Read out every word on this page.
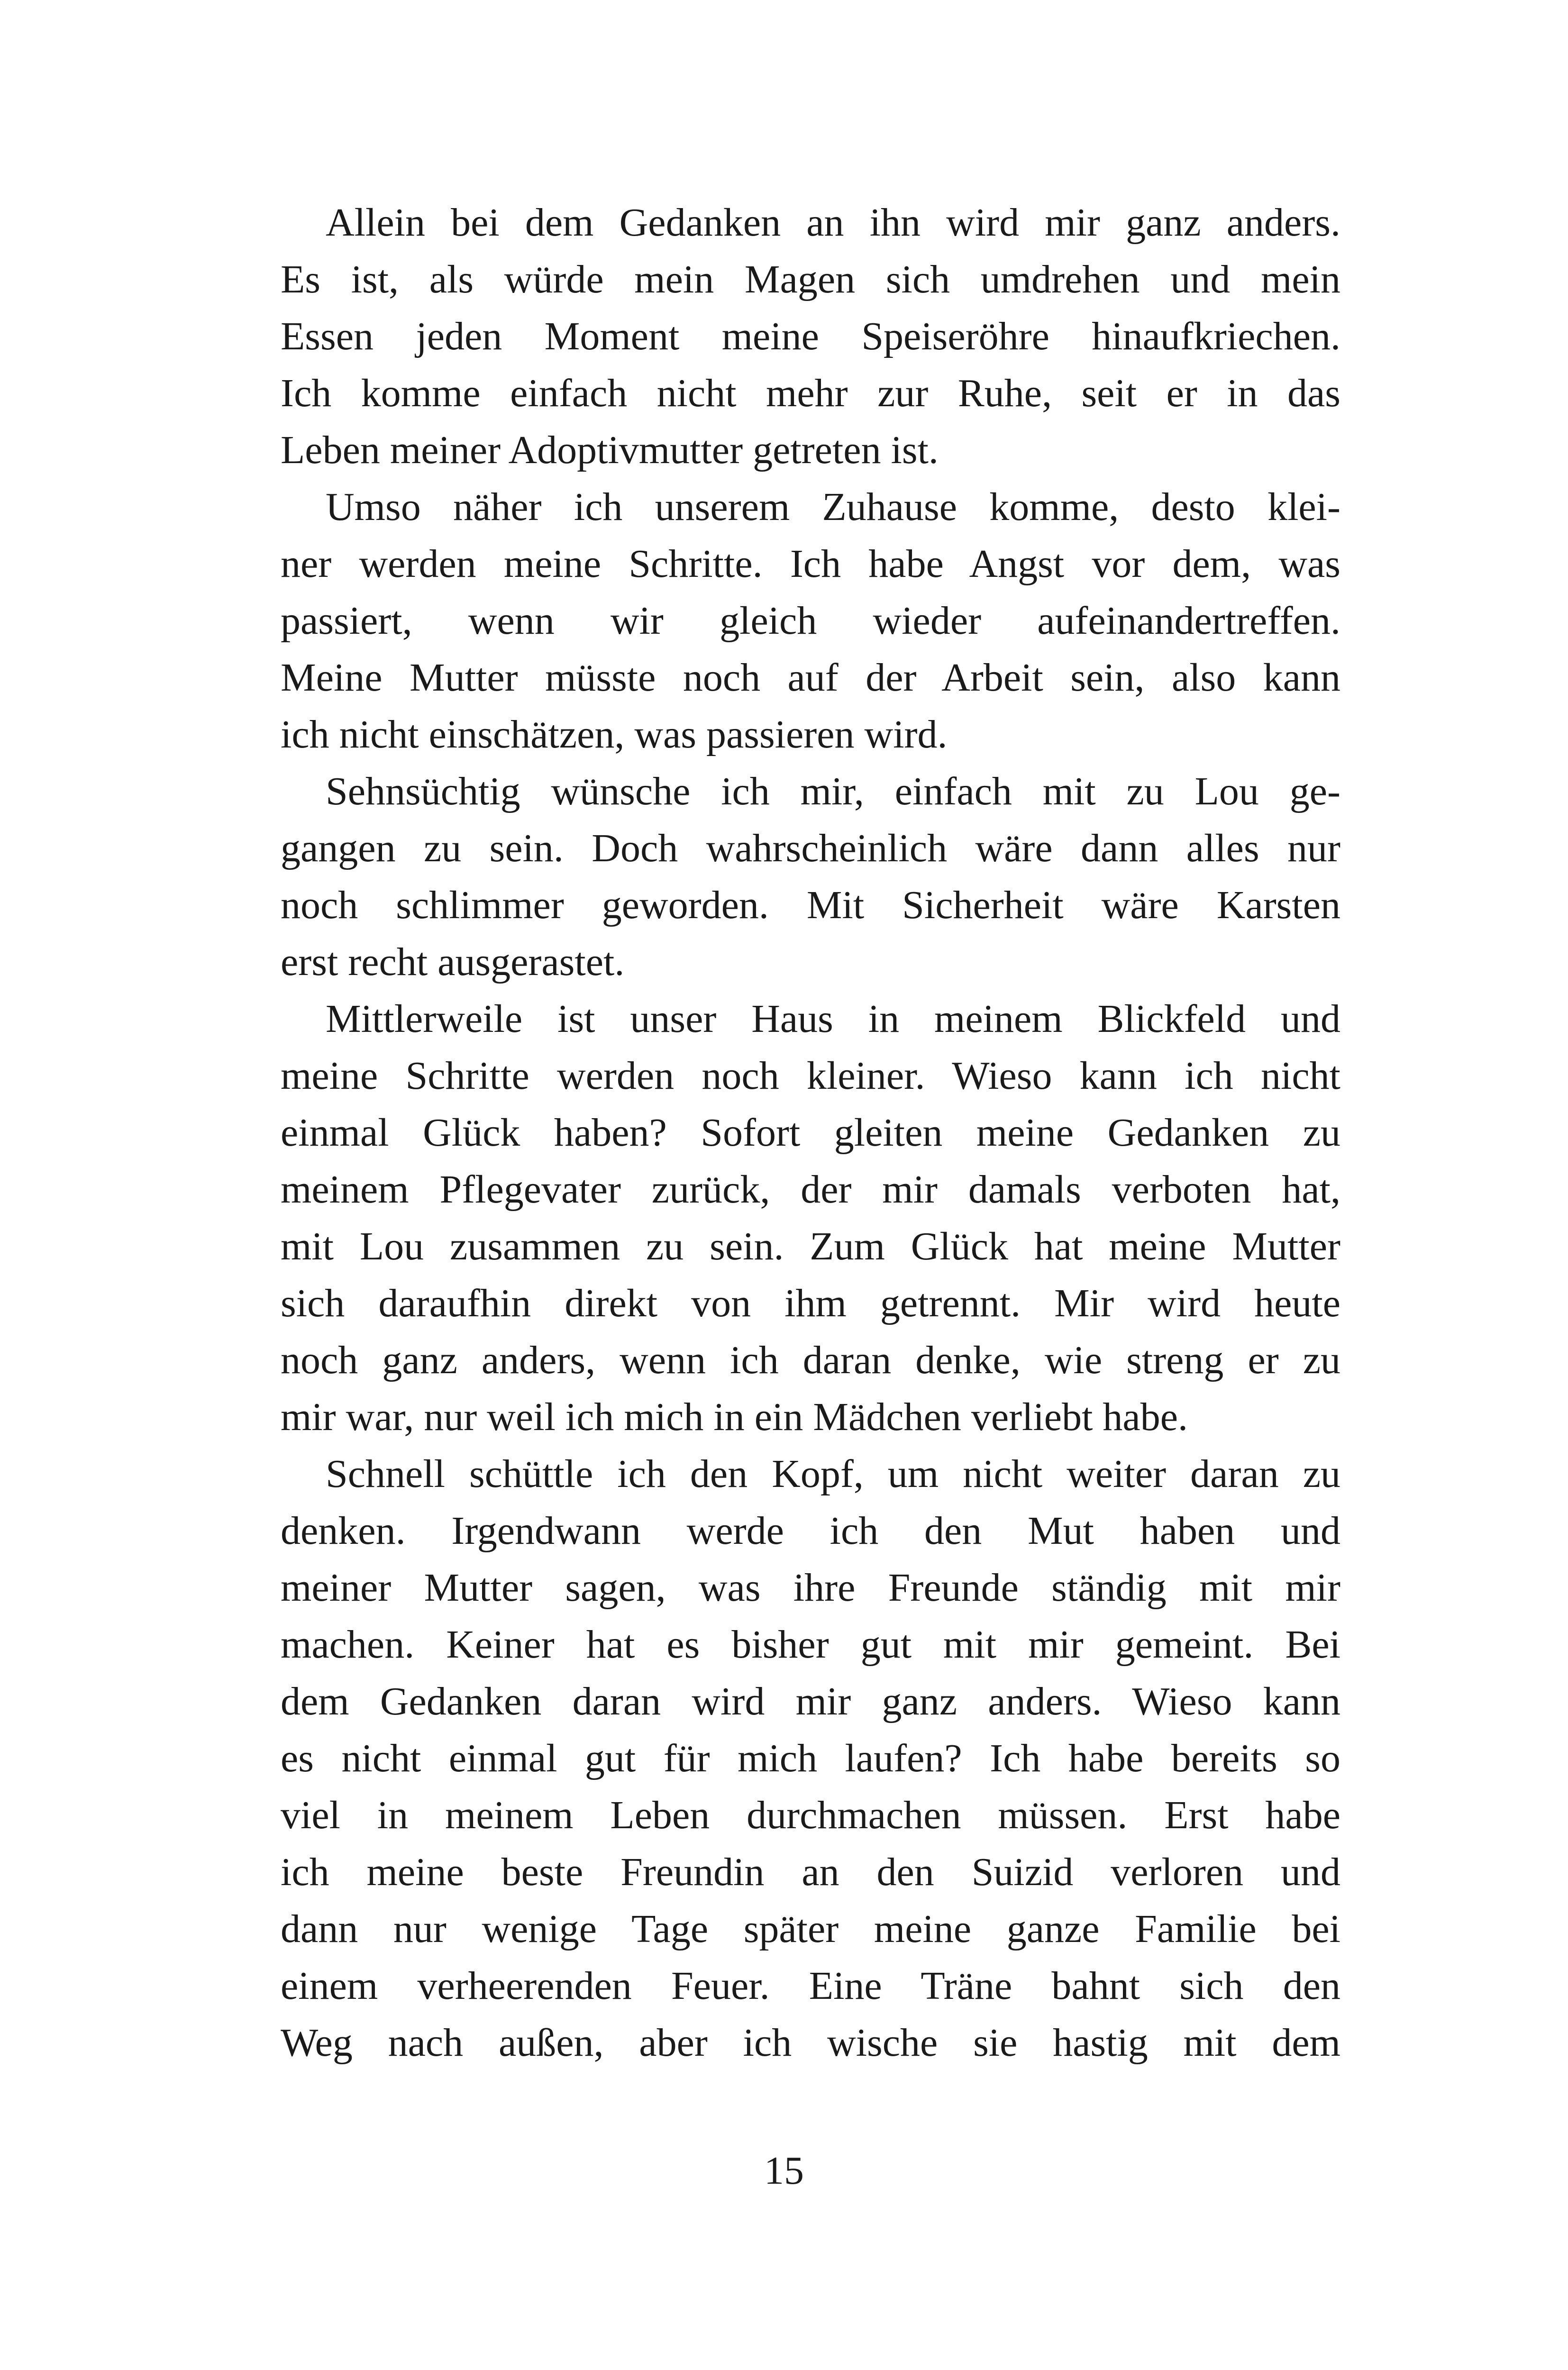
Allein bei dem Gedanken an ihn wird mir ganz anders.
Es ist, als würde mein Magen sich umdrehen und mein
Essen jeden Moment meine Speiseröhre hinaufkriechen.
Ich komme einfach nicht mehr zur Ruhe, seit er in das
Leben meiner Adoptivmutter getreten ist.
Umso näher ich unserem Zuhause komme, desto klei-
ner werden meine Schritte. Ich habe Angst vor dem, was
passiert, wenn wir gleich wieder aufeinandertreffen.
Meine Mutter müsste noch auf der Arbeit sein, also kann
ich nicht einschätzen, was passieren wird.
Sehnsüchtig wünsche ich mir, einfach mit zu Lou ge-
gangen zu sein. Doch wahrscheinlich wäre dann alles nur
noch schlimmer geworden. Mit Sicherheit wäre Karsten
erst recht ausgerastet.
Mittlerweile ist unser Haus in meinem Blickfeld und
meine Schritte werden noch kleiner. Wieso kann ich nicht
einmal Glück haben? Sofort gleiten meine Gedanken zu
meinem Pflegevater zurück, der mir damals verboten hat,
mit Lou zusammen zu sein. Zum Glück hat meine Mutter
sich daraufhin direkt von ihm getrennt. Mir wird heute
noch ganz anders, wenn ich daran denke, wie streng er zu
mir war, nur weil ich mich in ein Mädchen verliebt habe.
Schnell schüttle ich den Kopf, um nicht weiter daran zu
denken. Irgendwann werde ich den Mut haben und
meiner Mutter sagen, was ihre Freunde ständig mit mir
machen. Keiner hat es bisher gut mit mir gemeint. Bei
dem Gedanken daran wird mir ganz anders. Wieso kann
es nicht einmal gut für mich laufen? Ich habe bereits so
viel in meinem Leben durchmachen müssen. Erst habe
ich meine beste Freundin an den Suizid verloren und
dann nur wenige Tage später meine ganze Familie bei
einem verheerenden Feuer. Eine Träne bahnt sich den
Weg nach außen, aber ich wische sie hastig mit dem
15
